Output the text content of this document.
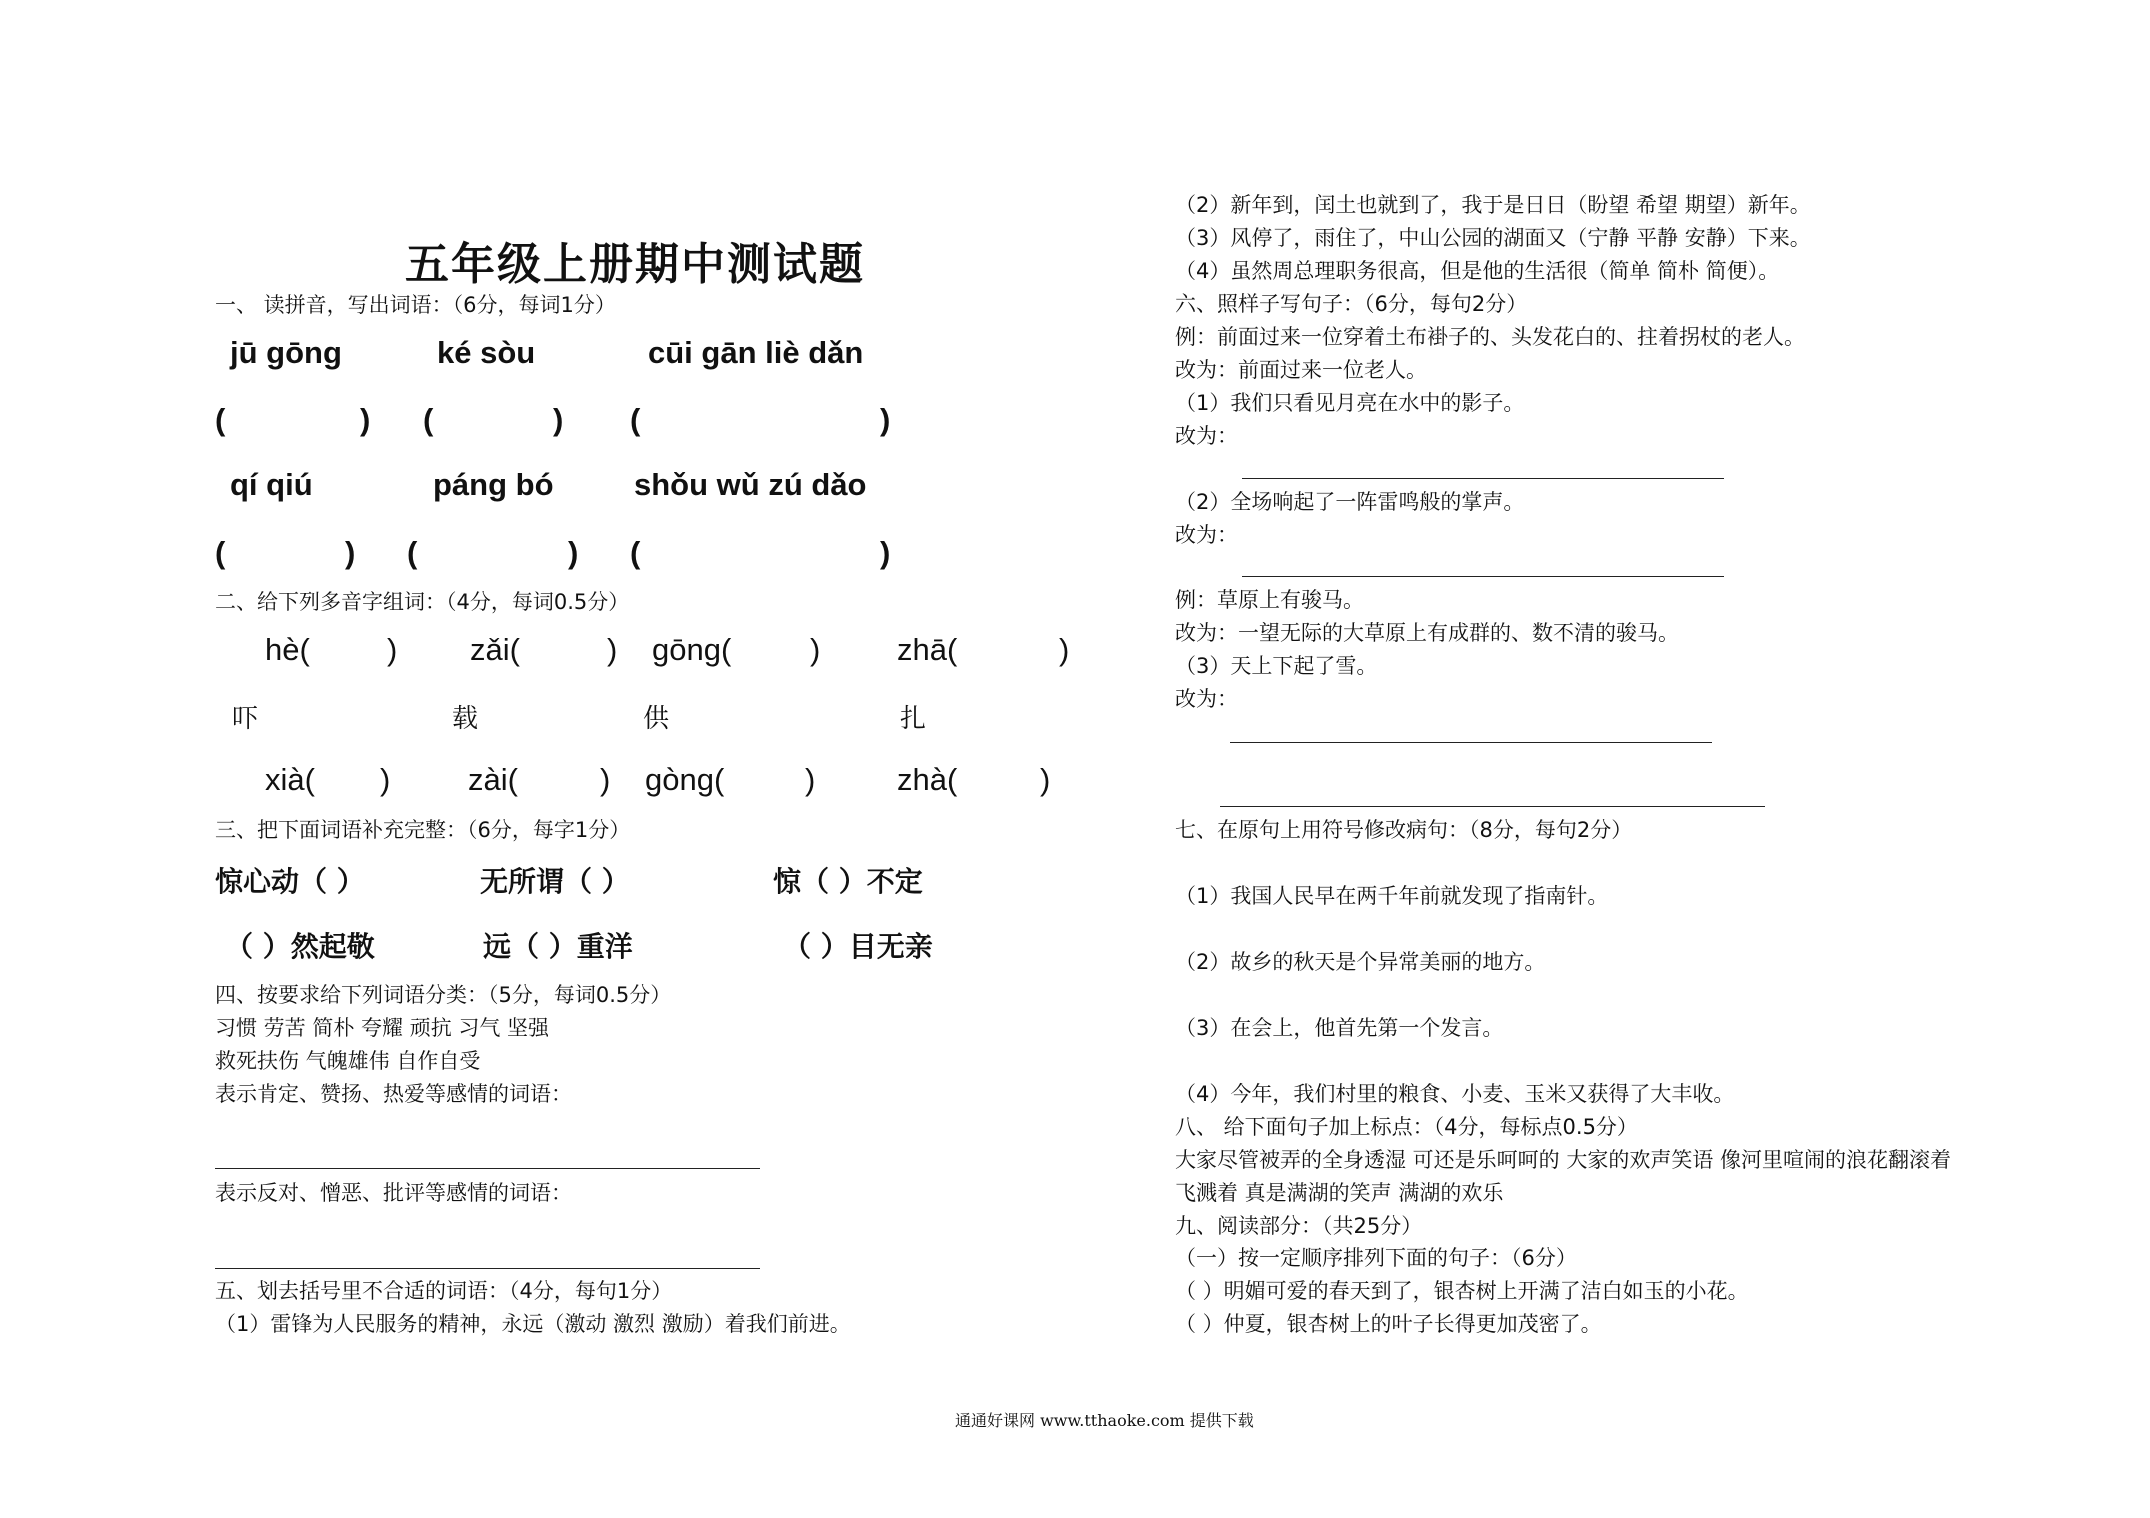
五年级上册期中测试题
一、 读拼音，写出词语：（6分，每词1分）
jū gōng	ké sòu	cūi gān liè dǎn
(	) (	) (	)
qí qiú	páng bó	shǒu wǔ zú dǎo
(	) (	) (	)
二、给下列多音字组词：（4分，每词0.5分）
hè( ) zǎi(	) gōng(	) zhā(	)
吓	载	供	扎
xià( )	zài(	) gòng(	)	zhà(	)
三、把下面词语补充完整：（6分，每字1分）
惊心动（ ）	无所谓（ ）	惊（ ）不定
（ ）然起敬	远（ ）重洋	（ ）目无亲
四、按要求给下列词语分类：（5分，每词0.5分）
习惯 劳苦 简朴 夸耀 顽抗 习气 坚强
救死扶伤 气魄雄伟 自作自受
表示肯定、赞扬、热爱等感情的词语：
表示反对、憎恶、批评等感情的词语：
五、划去括号里不合适的词语：（4分，每句1分）
（1）雷锋为人民服务的精神，永远（激动 激烈 激励）着我们前进。
（2）新年到，闰土也就到了，我于是日日（盼望 希望 期望）新年。
（3）风停了，雨住了，中山公园的湖面又（宁静 平静 安静）下来。
（4）虽然周总理职务很高，但是他的生活很（简单 简朴 简便）。
六、照样子写句子：（6分，每句2分）
例：前面过来一位穿着土布褂子的、头发花白的、拄着拐杖的老人。
改为：前面过来一位老人。
（1）我们只看见月亮在水中的影子。
改为：
（2）全场响起了一阵雷鸣般的掌声。
改为：
例：草原上有骏马。
改为：一望无际的大草原上有成群的、数不清的骏马。
（3）天上下起了雪。
改为：
七、在原句上用符号修改病句：（8分，每句2分）
（1）我国人民早在两千年前就发现了指南针。
（2）故乡的秋天是个异常美丽的地方。
（3）在会上，他首先第一个发言。
（4）今年，我们村里的粮食、小麦、玉米又获得了大丰收。
八、 给下面句子加上标点：（4分，每标点0.5分）
大家尽管被弄的全身透湿 可还是乐呵呵的 大家的欢声笑语 像河里喧闹的浪花翻滚着
飞溅着 真是满湖的笑声 满湖的欢乐
九、阅读部分：（共25分）
（一）按一定顺序排列下面的句子：（6分）
（ ）明媚可爱的春天到了，银杏树上开满了洁白如玉的小花。
（ ）仲夏，银杏树上的叶子长得更加茂密了。
通通好课网 www.tthaoke.com 提供下载
